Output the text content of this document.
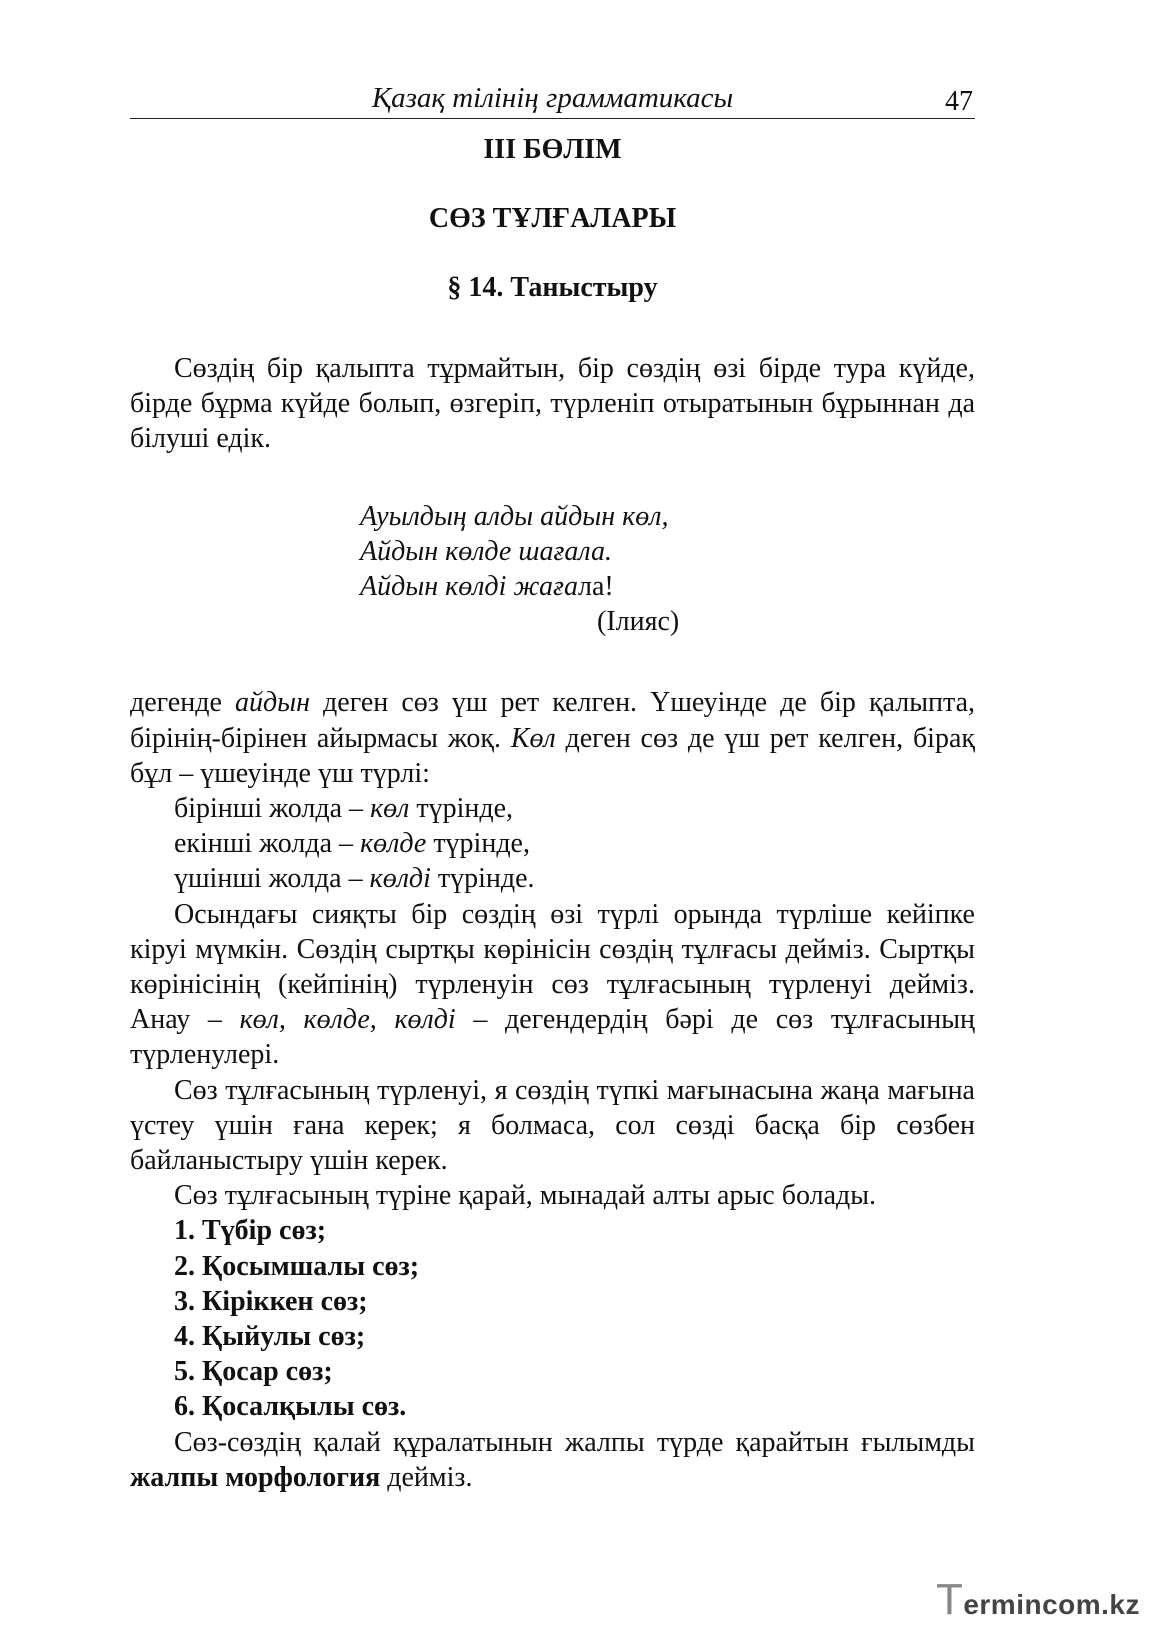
Қазақ тілінің грамматикасы	47
III БӨЛІМ
СӨЗ ТҰЛҒАЛАРЫ
§ 14. Таныстыру

Сөздің бір қалыпта тұрмайтын, бір сөздің өзі бірде тура күйде, бірде бұрма күйде болып, өзгеріп, түрленіп отыратынын бұрыннан да білуші едік.

Ауылдың алды айдын көл,
Айдын көлде шағала.
Айдын көлді жағала!
(Ілияс)

дегенде айдын деген сөз үш рет келген. Үшеуінде де бір қалыпта, бірінің-бірінен айырмасы жоқ. Көл деген сөз де үш рет келген, бірақ бұл – үшеуінде үш түрлі:

бірінші жолда – көл түрінде,
екінші жолда – көлде түрінде,
үшінші жолда – көлді түрінде.

Осындағы сияқты бір сөздің өзі түрлі орында түрліше кейіпке кіруі мүмкін. Сөздің сыртқы көрінісін сөздің тұлғасы дейміз. Сыртқы көрінісінің (кейпінің) түрленуін сөз тұлғасының түрленуі дейміз. Анау – көл, көлде, көлді – дегендердің бәрі де сөз тұлғасының түрленулері.

Сөз тұлғасының түрленуі, я сөздің түпкі мағынасына жаңа мағына үстеу үшін ғана керек; я болмаса, сол сөзді басқа бір сөзбен байланыстыру үшін керек.

Сөз тұлғасының түріне қарай, мынадай алты арыс болады.

1. Түбір сөз;
2. Қосымшалы сөз;
3. Кіріккен сөз;
4. Қыйулы сөз;
5. Қосар сөз;
6. Қосалқылы сөз.

Сөз-сөздің қалай құралатынын жалпы түрде қарайтын ғылымды жалпы морфология дейміз.

Termincom.kz
